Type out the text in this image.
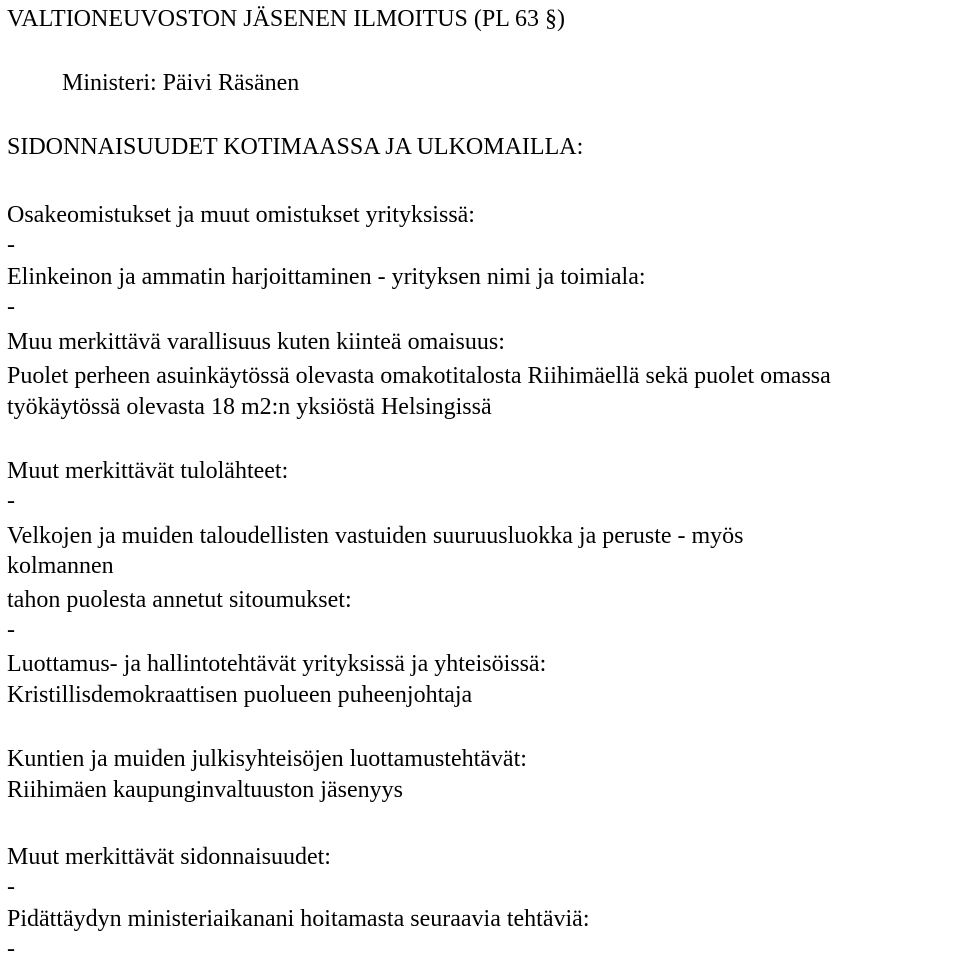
VALTIONEUVOSTON JÄSENEN ILMOITUS (PL 63 §)
Ministeri: Päivi Räsänen
SIDONNAISUUDET KOTIMAASSA JA ULKOMAILLA:
Osakeomistukset ja muut omistukset yrityksissä:
-
Elinkeinon ja ammatin harjoittaminen - yrityksen nimi ja toimiala:
-
Muu merkittävä varallisuus kuten kiinteä omaisuus:
Puolet perheen asuinkäytössä olevasta omakotitalosta Riihimäellä sekä puolet omassa
työkäytössä olevasta 18 m2:n yksiöstä Helsingissä
Muut merkittävät tulolähteet:
-
Velkojen ja muiden taloudellisten vastuiden suuruusluokka ja peruste - myös
kolmannen
tahon puolesta annetut sitoumukset:
-
Luottamus- ja hallintotehtävät yrityksissä ja yhteisöissä:
Kristillisdemokraattisen puolueen puheenjohtaja
Kuntien ja muiden julkisyhteisöjen luottamustehtävät:
Riihimäen kaupunginvaltuuston jäsenyys
Muut merkittävät sidonnaisuudet:
-
Pidättäydyn ministeriaikanani hoitamasta seuraavia tehtäviä:
-
